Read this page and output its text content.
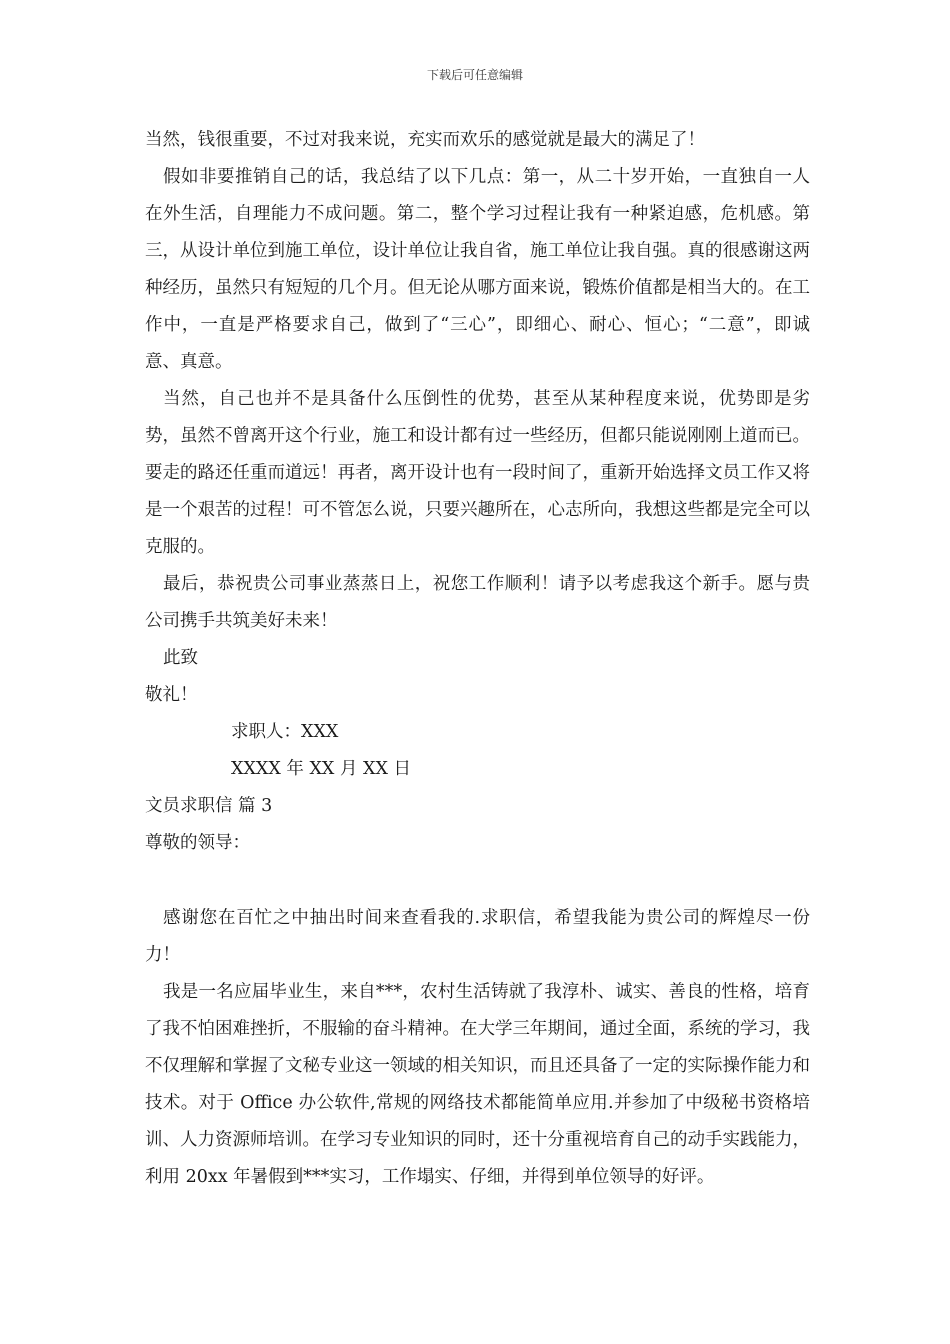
下载后可任意编辑

当然，钱很重要，不过对我来说，充实而欢乐的感觉就是最大的满足了！

假如非要推销自己的话，我总结了以下几点：第一，从二十岁开始，一直独自一人在外生活，自理能力不成问题。第二，整个学习过程让我有一种紧迫感，危机感。第三，从设计单位到施工单位，设计单位让我自省，施工单位让我自强。真的很感谢这两种经历，虽然只有短短的几个月。但无论从哪方面来说，锻炼价值都是相当大的。在工作中，一直是严格要求自己，做到了“三心”，即细心、耐心、恒心；“二意”，即诚意、真意。

当然，自己也并不是具备什么压倒性的优势，甚至从某种程度来说，优势即是劣势，虽然不曾离开这个行业，施工和设计都有过一些经历，但都只能说刚刚上道而已。要走的路还任重而道远！再者，离开设计也有一段时间了，重新开始选择文员工作又将是一个艰苦的过程！可不管怎么说，只要兴趣所在，心志所向，我想这些都是完全可以克服的。

最后，恭祝贵公司事业蒸蒸日上，祝您工作顺利！请予以考虑我这个新手。愿与贵公司携手共筑美好未来！

此致

敬礼！

求职人：XXX

XXXX 年 XX 月 XX 日

文员求职信 篇 3

尊敬的领导：

感谢您在百忙之中抽出时间来查看我的.求职信，希望我能为贵公司的辉煌尽一份力！

我是一名应届毕业生，来自***，农村生活铸就了我淳朴、诚实、善良的性格，培育了我不怕困难挫折，不服输的奋斗精神。在大学三年期间，通过全面，系统的学习，我不仅理解和掌握了文秘专业这一领域的相关知识，而且还具备了一定的实际操作能力和技术。对于 Office 办公软件,常规的网络技术都能简单应用.并参加了中级秘书资格培训、人力资源师培训。在学习专业知识的同时，还十分重视培育自己的动手实践能力，利用 20xx 年暑假到***实习，工作塌实、仔细，并得到单位领导的好评。
